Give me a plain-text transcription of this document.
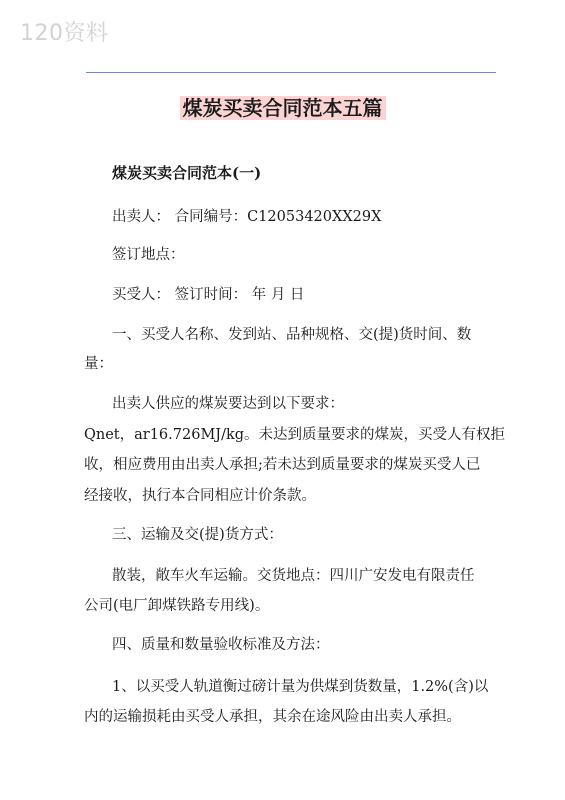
120资料
煤炭买卖合同范本五篇
煤炭买卖合同范本(一)
出卖人： 合同编号：C12053420XX29X
签订地点：
买受人： 签订时间： 年 月 日
一、买受人名称、发到站、品种规格、交(提)货时间、数
量：
出卖人供应的煤炭要达到以下要求：
Qnet，ar16.726MJ/kg。未达到质量要求的煤炭，买受人有权拒
收，相应费用由出卖人承担;若未达到质量要求的煤炭买受人已
经接收，执行本合同相应计价条款。
三、运输及交(提)货方式：
散装，敞车火车运输。交货地点：四川广安发电有限责任
公司(电厂卸煤铁路专用线)。
四、质量和数量验收标准及方法：
1、以买受人轨道衡过磅计量为供煤到货数量，1.2%(含)以
内的运输损耗由买受人承担，其余在途风险由出卖人承担。
